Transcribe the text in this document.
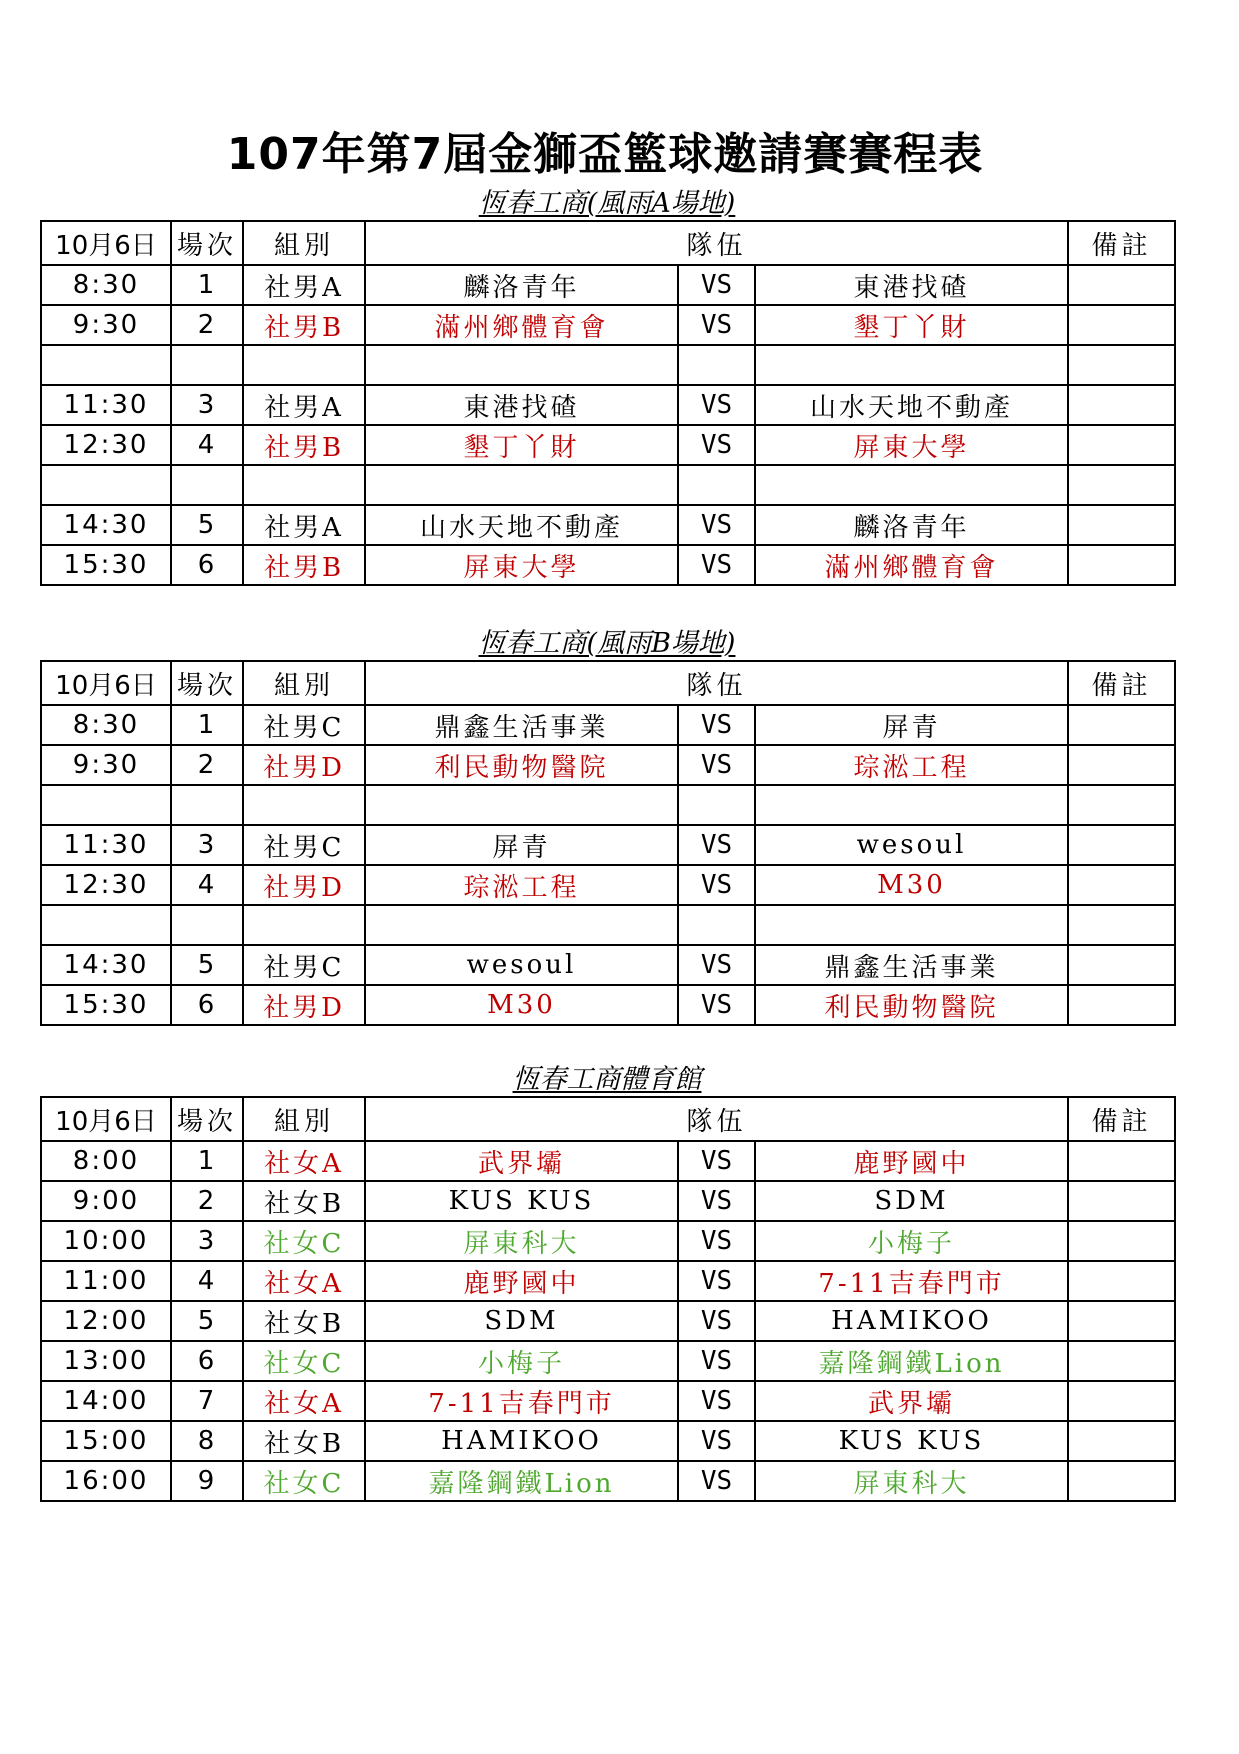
107年第7屆金獅盃籃球邀請賽賽程表
恆春工商(風雨A場地)
10月6日	場次	組別	隊伍			備註
8:30	1	社男A	麟洛青年	VS	東港找碴	
9:30	2	社男B	滿州鄉體育會	VS	墾丁丫財	

11:30	3	社男A	東港找碴	VS	山水天地不動產	
12:30	4	社男B	墾丁丫財	VS	屏東大學	

14:30	5	社男A	山水天地不動產	VS	麟洛青年	
15:30	6	社男B	屏東大學	VS	滿州鄉體育會	
恆春工商(風雨B場地)
10月6日	場次	組別	隊伍			備註
8:30	1	社男C	鼎鑫生活事業	VS	屏青	
9:30	2	社男D	利民動物醫院	VS	琮淞工程	

11:30	3	社男C	屏青	VS	wesoul	
12:30	4	社男D	琮淞工程	VS	M30	

14:30	5	社男C	wesoul	VS	鼎鑫生活事業	
15:30	6	社男D	M30	VS	利民動物醫院	
恆春工商體育館
10月6日	場次	組別	隊伍			備註
8:00	1	社女A	武界壩	VS	鹿野國中	
9:00	2	社女B	KUS KUS	VS	SDM	
10:00	3	社女C	屏東科大	VS	小梅子	
11:00	4	社女A	鹿野國中	VS	7-11吉春門市	
12:00	5	社女B	SDM	VS	HAMIKOO	
13:00	6	社女C	小梅子	VS	嘉隆鋼鐵Lion	
14:00	7	社女A	7-11吉春門市	VS	武界壩	
15:00	8	社女B	HAMIKOO	VS	KUS KUS	
16:00	9	社女C	嘉隆鋼鐵Lion	VS	屏東科大	
